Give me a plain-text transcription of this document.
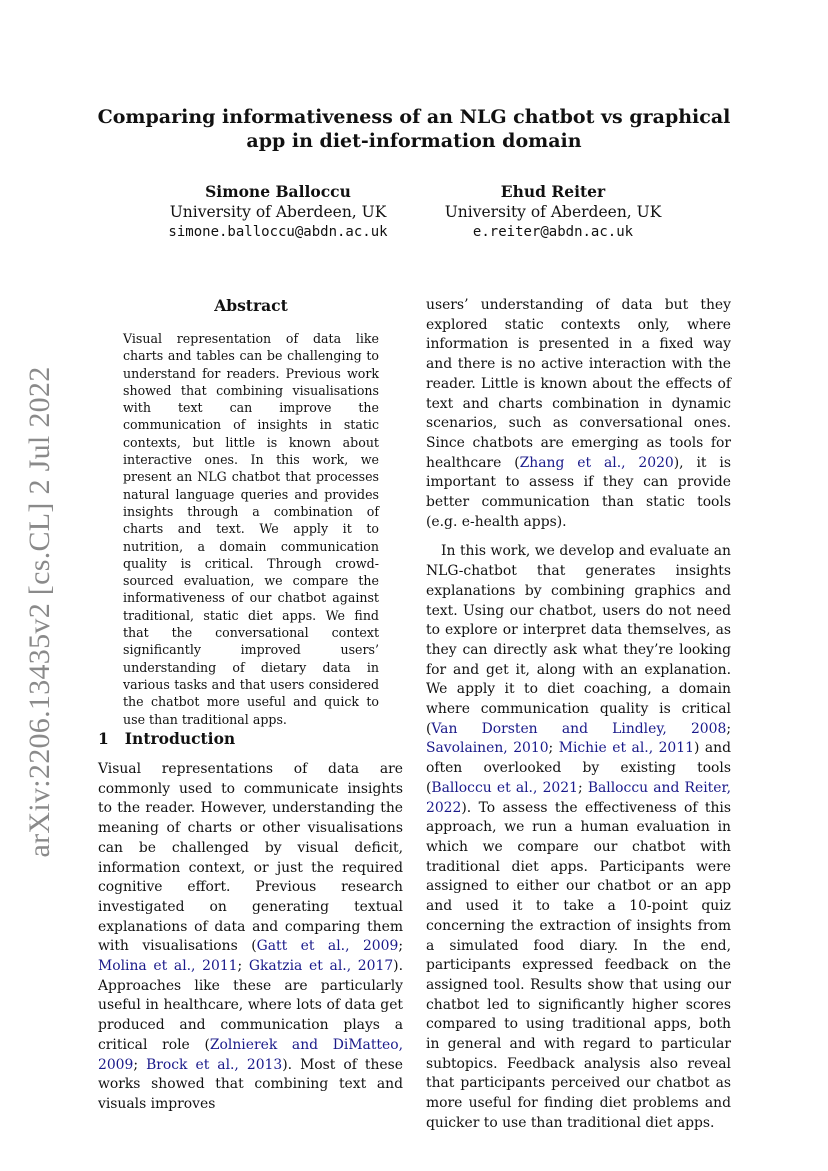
arXiv:2206.13435v2 [cs.CL] 2 Jul 2022
Comparing informativeness of an NLG chatbot vs graphical app in diet-information domain
Simone Balloccu
University of Aberdeen, UK
simone.balloccu@abdn.ac.uk
Ehud Reiter
University of Aberdeen, UK
e.reiter@abdn.ac.uk
Abstract
Visual representation of data like charts and tables can be challenging to understand for readers. Previous work showed that combining visualisations with text can improve the communication of insights in static contexts, but little is known about interactive ones. In this work, we present an NLG chatbot that processes natural language queries and provides insights through a combination of charts and text. We apply it to nutrition, a domain communication quality is critical. Through crowd-sourced evaluation, we compare the informativeness of our chatbot against traditional, static diet apps. We find that the conversational context significantly improved users’ understanding of dietary data in various tasks and that users considered the chatbot more useful and quick to use than traditional apps.
1 Introduction

Visual representations of data are commonly used to communicate insights to the reader. However, understanding the meaning of charts or other visualisations can be challenged by visual deficit, information context, or just the required cognitive effort. Previous research investigated on generating textual explanations of data and comparing them with visualisations (Gatt et al., 2009; Molina et al., 2011; Gkatzia et al., 2017). Approaches like these are particularly useful in healthcare, where lots of data get produced and communication plays a critical role (Zolnierek and DiMatteo, 2009; Brock et al., 2013). Most of these works showed that combining text and visuals improves

users’ understanding of data but they explored static contexts only, where information is presented in a fixed way and there is no active interaction with the reader. Little is known about the effects of text and charts combination in dynamic scenarios, such as conversational ones. Since chatbots are emerging as tools for healthcare (Zhang et al., 2020), it is important to assess if they can provide better communication than static tools (e.g. e-health apps).

In this work, we develop and evaluate an NLG-chatbot that generates insights explanations by combining graphics and text. Using our chatbot, users do not need to explore or interpret data themselves, as they can directly ask what they’re looking for and get it, along with an explanation. We apply it to diet coaching, a domain where communication quality is critical (Van Dorsten and Lindley, 2008; Savolainen, 2010; Michie et al., 2011) and often overlooked by existing tools (Balloccu et al., 2021; Balloccu and Reiter, 2022). To assess the effectiveness of this approach, we run a human evaluation in which we compare our chatbot with traditional diet apps. Participants were assigned to either our chatbot or an app and used it to take a 10-point quiz concerning the extraction of insights from a simulated food diary. In the end, participants expressed feedback on the assigned tool. Results show that using our chatbot led to significantly higher scores compared to using traditional apps, both in general and with regard to particular subtopics. Feedback analysis also reveal that participants perceived our chatbot as more useful for finding diet problems and quicker to use than traditional diet apps.
